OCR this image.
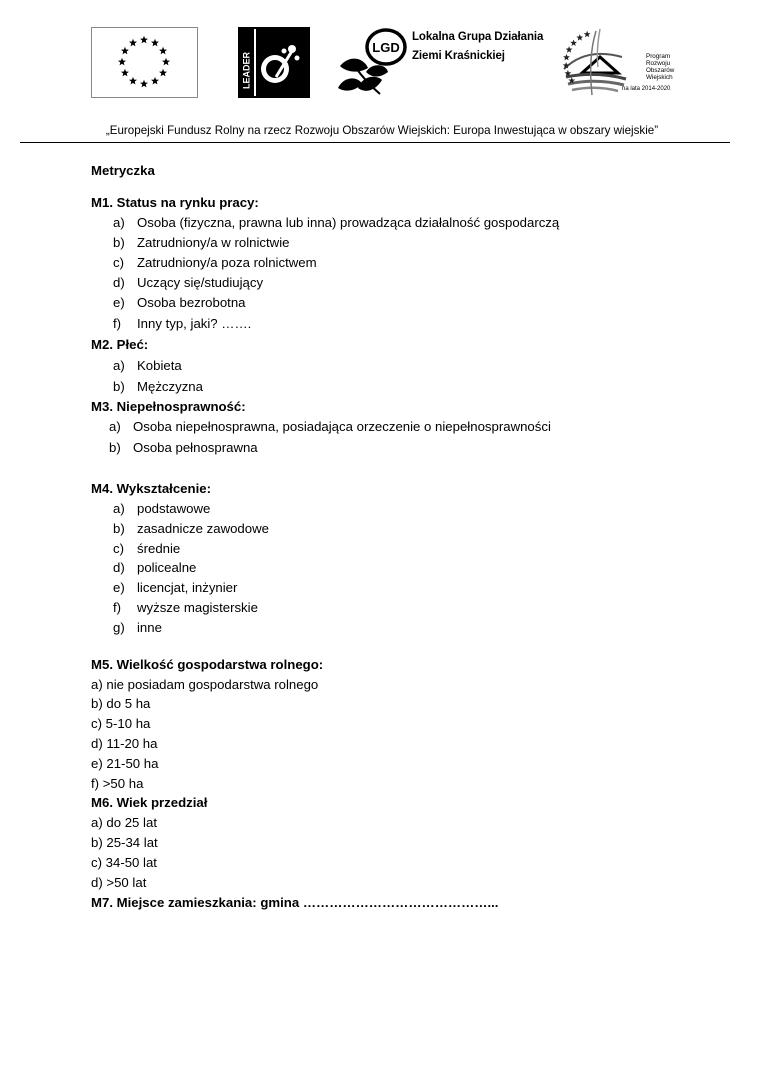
LEADER
LGD
Lokalna Grupa Działania
Ziemi Kraśnickiej	Program
Rozwoju
Obszarów
Wiejskich
na lata 2014-2020
„Europejski Fundusz Rolny na rzecz Rozwoju Obszarów Wiejskich: Europa Inwestująca w obszary wiejskie”
Metryczka
M1. Status na rynku pracy:
a) Osoba (fizyczna, prawna lub inna) prowadząca działalność gospodarczą
b) Zatrudniony/a w rolnictwie
c) Zatrudniony/a poza rolnictwem
d) Uczący się/studiujący
e) Osoba bezrobotna
f) Inny typ, jaki? …….
M2. Płeć:
a) Kobieta
b) Mężczyzna
M3. Niepełnosprawność:
a) Osoba niepełnosprawna, posiadająca orzeczenie o niepełnosprawności
b) Osoba pełnosprawna
M4. Wykształcenie:
a) podstawowe
b) zasadnicze zawodowe
c) średnie
d) policealne
e) licencjat, inżynier
f) wyższe magisterskie
g) inne
M5. Wielkość gospodarstwa rolnego:
a) nie posiadam gospodarstwa rolnego
b) do 5 ha
c) 5-10 ha
d) 11-20 ha
e) 21-50 ha
f) >50 ha
M6. Wiek przedział
a) do 25 lat
b) 25-34 lat
c) 34-50 lat
d) >50 lat
M7. Miejsce zamieszkania: gmina ……………………………………...
